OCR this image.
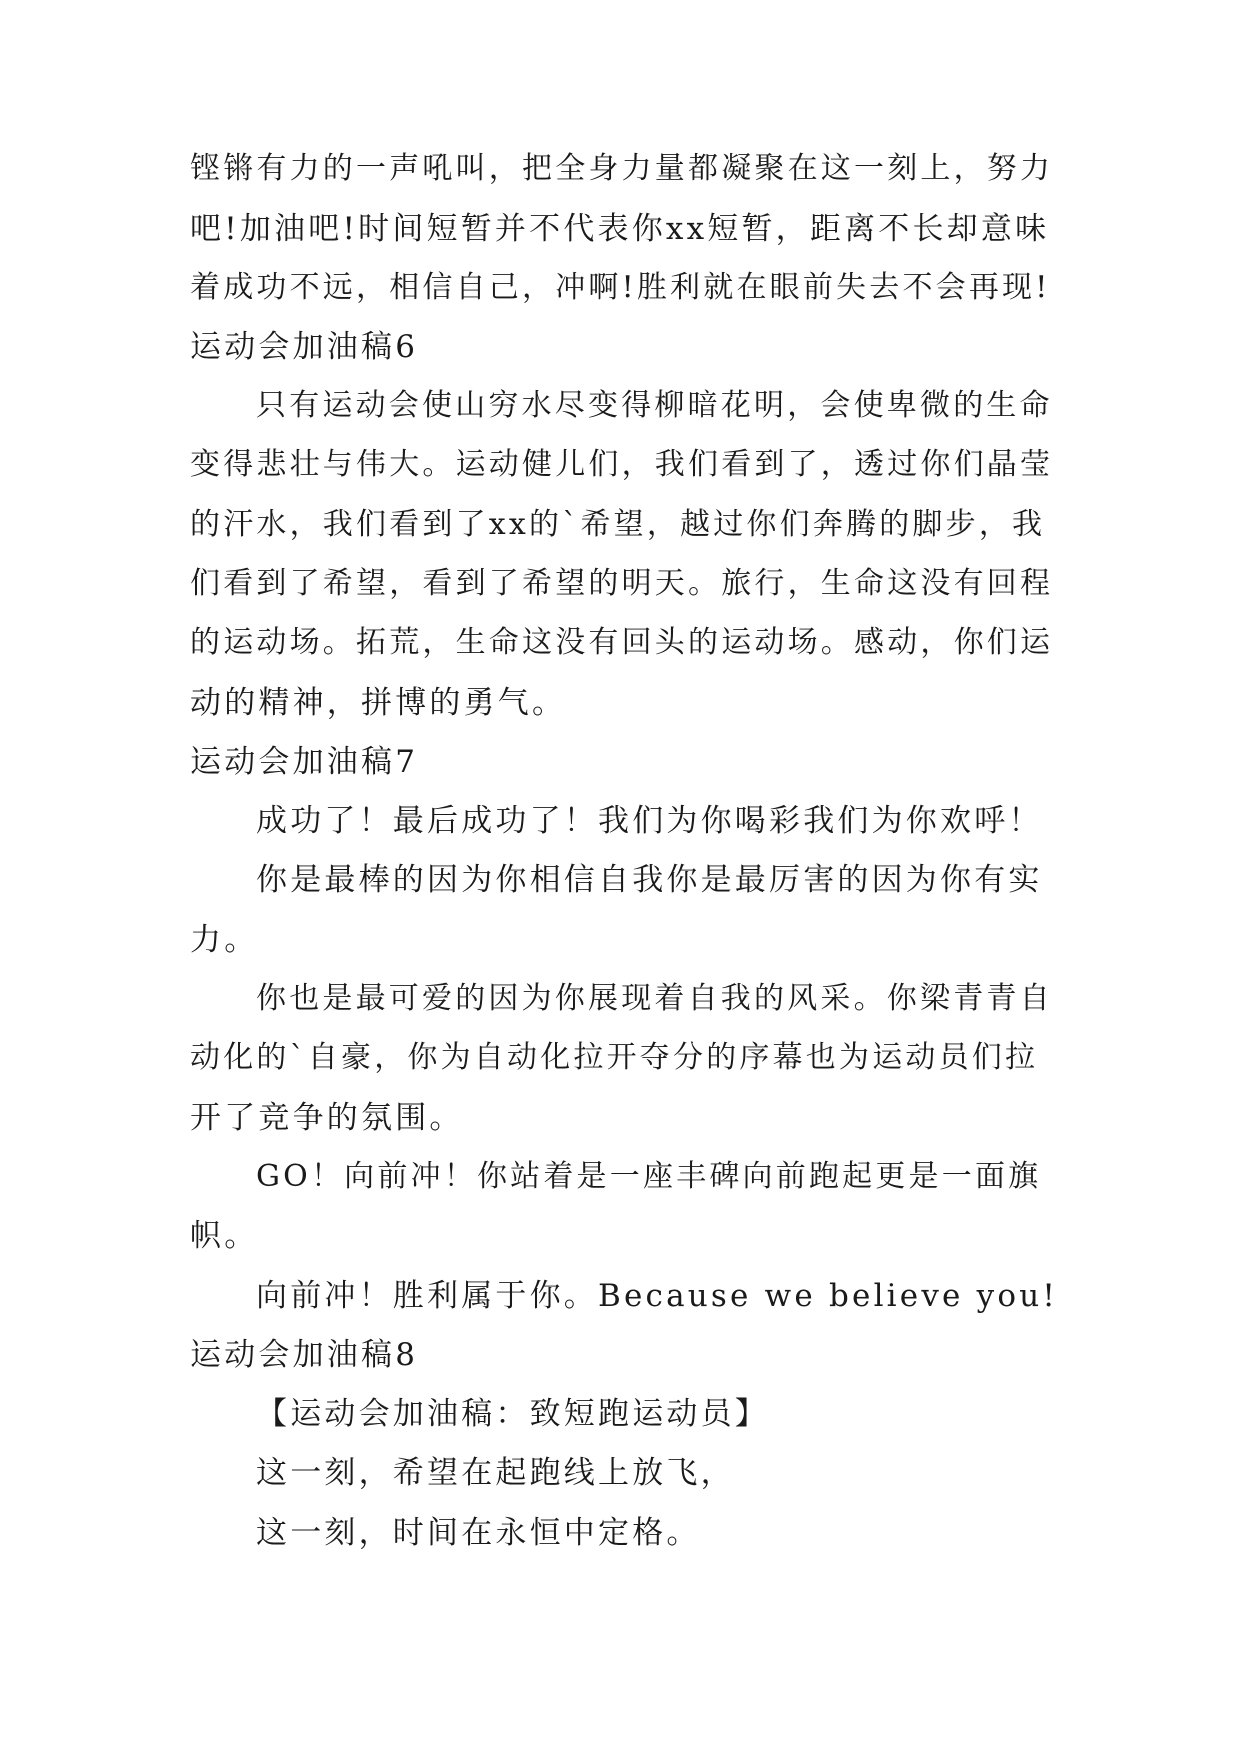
铿锵有力的一声吼叫，把全身力量都凝聚在这一刻上，努力

吧!加油吧!时间短暂并不代表你xx短暂，距离不长却意味

着成功不远，相信自己，冲啊!胜利就在眼前失去不会再现!

运动会加油稿6

只有运动会使山穷水尽变得柳暗花明，会使卑微的生命

变得悲壮与伟大。运动健儿们，我们看到了，透过你们晶莹

的汗水，我们看到了xx的`希望，越过你们奔腾的脚步，我

们看到了希望，看到了希望的明天。旅行，生命这没有回程

的运动场。拓荒，生命这没有回头的运动场。感动，你们运

动的精神，拼博的勇气。

运动会加油稿7

成功了！最后成功了！我们为你喝彩我们为你欢呼！

你是最棒的因为你相信自我你是最厉害的因为你有实

力。

你也是最可爱的因为你展现着自我的风采。你梁青青自

动化的`自豪，你为自动化拉开夺分的序幕也为运动员们拉

开了竞争的氛围。

GO！向前冲！你站着是一座丰碑向前跑起更是一面旗

帜。

向前冲！胜利属于你。Because we believe you!

运动会加油稿8

【运动会加油稿：致短跑运动员】

这一刻，希望在起跑线上放飞，

这一刻，时间在永恒中定格。
